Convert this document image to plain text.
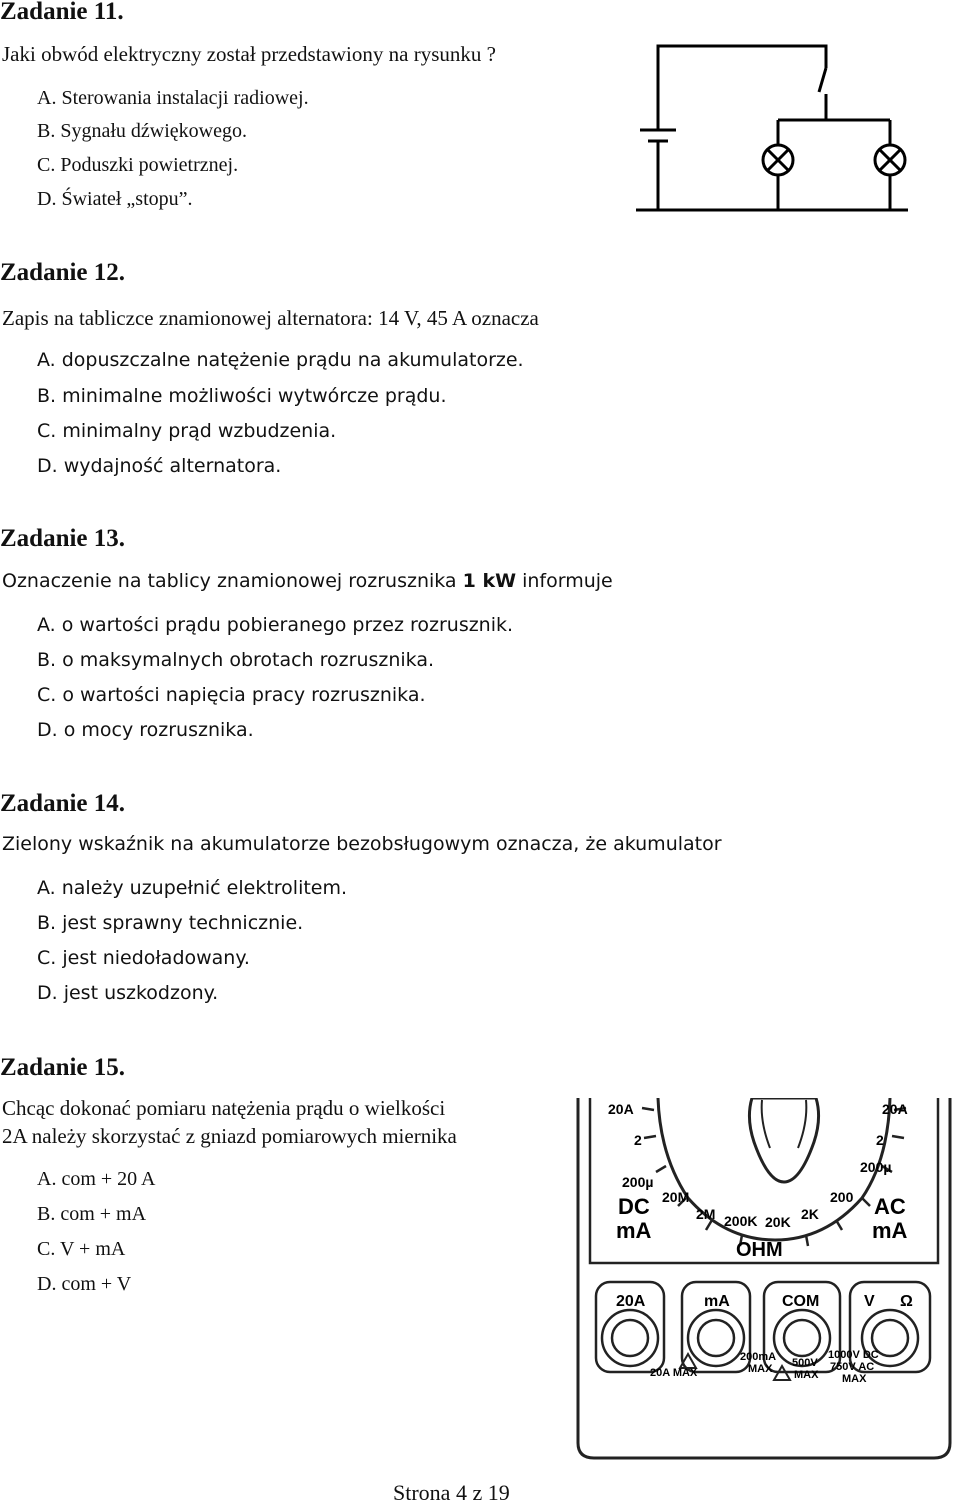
Zadanie 11.
Jaki obwód elektryczny został przedstawiony na rysunku ?
A. Sterowania instalacji radiowej.
B. Sygnału dźwiękowego.
C. Poduszki powietrznej.
D. Świateł „stopu”.
Zadanie 12.
Zapis na tabliczce znamionowej alternatora: 14 V, 45 A oznacza
A. dopuszczalne natężenie prądu na akumulatorze.
B. minimalne możliwości wytwórcze prądu.
C. minimalny prąd wzbudzenia.
D. wydajność alternatora.
Zadanie 13.
Oznaczenie na tablicy znamionowej rozrusznika 1 kW informuje
A. o wartości prądu pobieranego przez rozrusznik.
B. o maksymalnych obrotach rozrusznika.
C. o wartości napięcia pracy rozrusznika.
D. o mocy rozrusznika.
Zadanie 14.
Zielony wskaźnik na akumulatorze bezobsługowym oznacza, że akumulator
A. należy uzupełnić elektrolitem.
B. jest sprawny technicznie.
C. jest niedoładowany.
D. jest uszkodzony.
Zadanie 15.
Chcąc dokonać pomiaru natężenia prądu o wielkości
2A należy skorzystać z gniazd pomiarowych miernika
A. com + 20 A
B. com + mA
C. V + mA
D. com + V
20A
2
200µ
DC
mA
20A
2
200µ
AC
mA
20M
2M 200K 20K 2K
200
OHM
20A	mA	COM	V Ω
20A MAX
200mA
MAX 500V
MAX
1000V DC
750V AC
MAX
Strona 4 z 19
